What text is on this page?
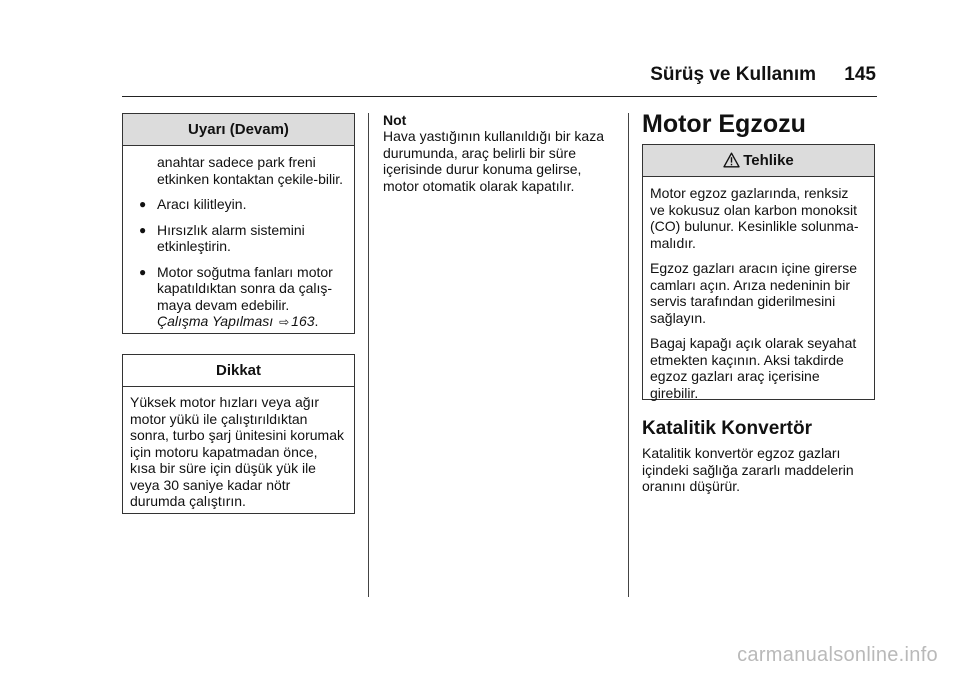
Sürüş ve Kullanım 145
Uyarı (Devam)
anahtar sadece park freni etkinken kontaktan çekile-bilir.
● Aracı kilitleyin.
● Hırsızlık alarm sistemini etkinleştirin.
● Motor soğutma fanları motor kapatıldıktan sonra da çalış-maya devam edebilir.
Çalışma Yapılması ⇨ 163.
Dikkat
Yüksek motor hızları veya ağır motor yükü ile çalıştırıldıktan sonra, turbo şarj ünitesini korumak için motoru kapatmadan önce, kısa bir süre için düşük yük ile veya 30 saniye kadar nötr durumda çalıştırın.
Not
Hava yastığının kullanıldığı bir kaza durumunda, araç belirli bir süre içerisinde durur konuma gelirse, motor otomatik olarak kapatılır.
Motor Egzozu
Tehlike
Motor egzoz gazlarında, renksiz ve kokusuz olan karbon monoksit (CO) bulunur. Kesinlikle solunma-malıdır.
Egzoz gazları aracın içine girerse camları açın. Arıza nedeninin bir servis tarafından giderilmesini sağlayın.
Bagaj kapağı açık olarak seyahat etmekten kaçının. Aksi takdirde egzoz gazları araç içerisine girebilir.
Katalitik Konvertör
Katalitik konvertör egzoz gazları içindeki sağlığa zararlı maddelerin oranını düşürür.
carmanualsonline.info
